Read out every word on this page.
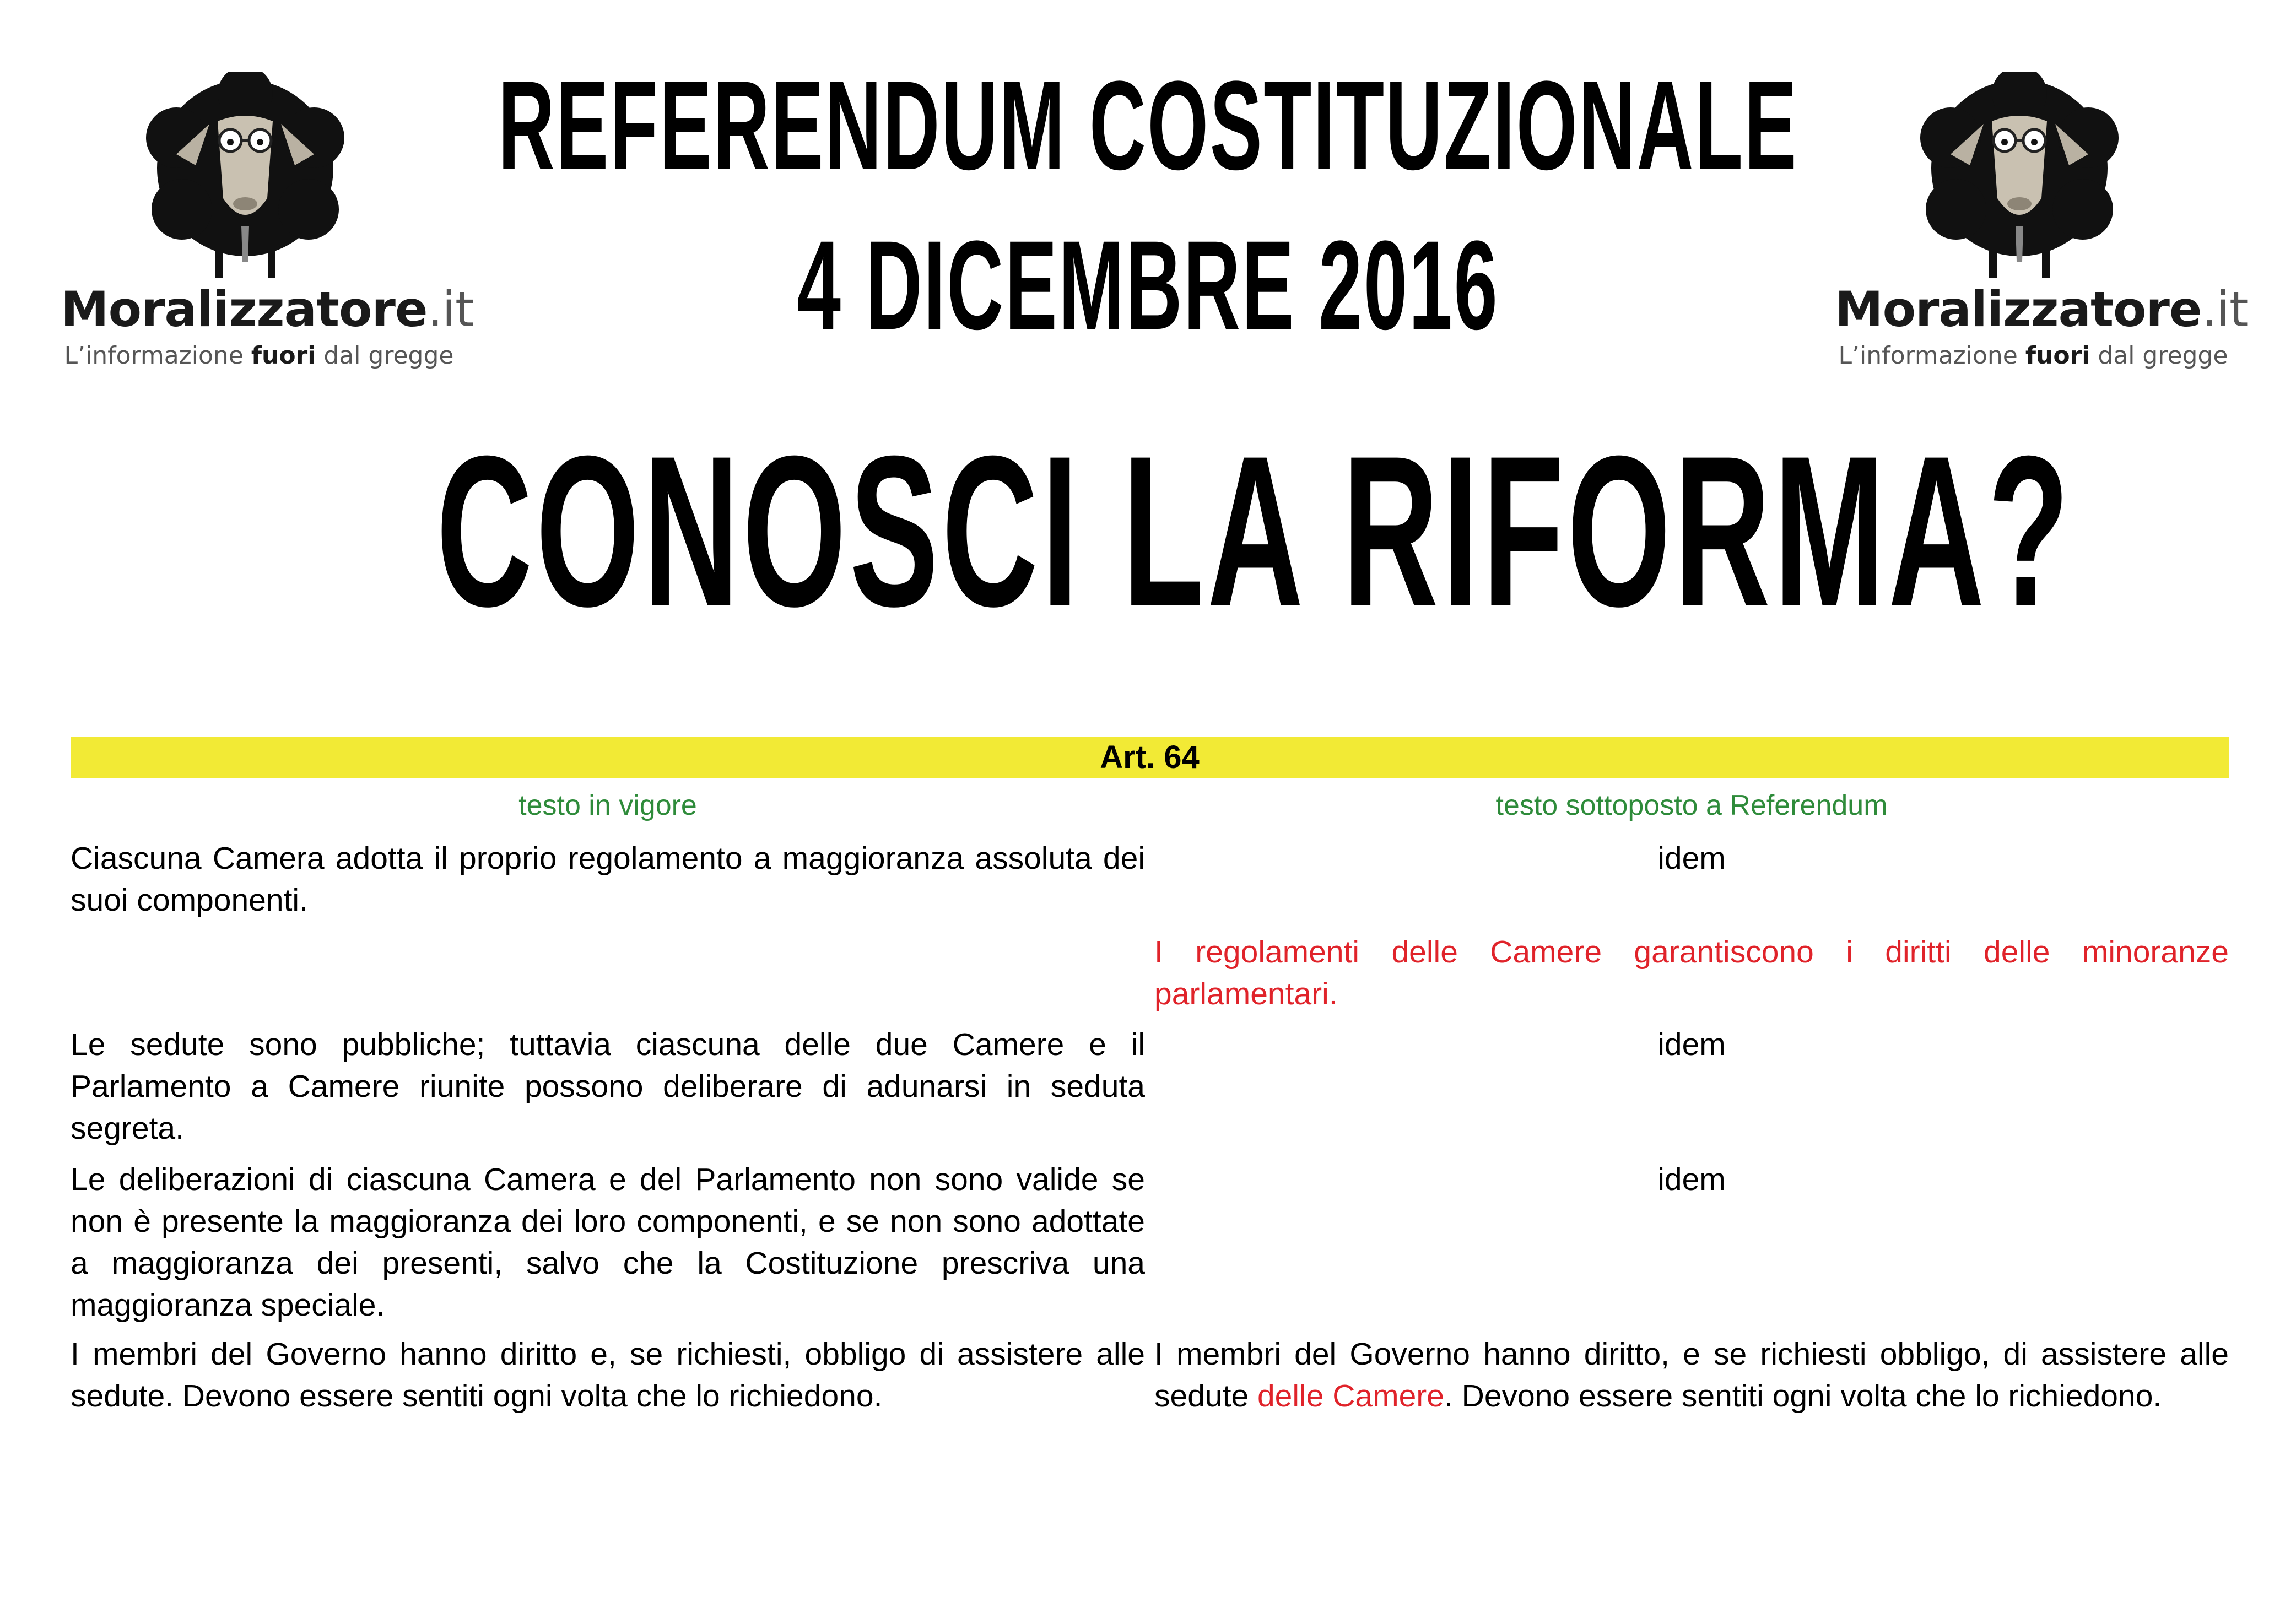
Moralizzatore.it
L’informazione fuori dal gregge
Moralizzatore.it
L’informazione fuori dal gregge
REFERENDUM COSTITUZIONALE
4 DICEMBRE 2016
CONOSCI LA RIFORMA?
Art. 64
testo in vigore	testo sottoposto a Referendum
Ciascuna Camera adotta il proprio regolamento a maggioranza assoluta dei suoi componenti.
idem
I regolamenti delle Camere garantiscono i diritti delle minoranze parlamentari.
Le sedute sono pubbliche; tuttavia ciascuna delle due Camere e il Parlamento a Camere riunite possono deliberare di adunarsi in seduta segreta.
idem
Le deliberazioni di ciascuna Camera e del Parlamento non sono valide se non è presente la maggioranza dei loro componenti, e se non sono adottate a maggioranza dei presenti, salvo che la Costituzione prescriva una maggioranza speciale.
idem
I membri del Governo hanno diritto e, se richiesti, obbligo di assistere alle sedute. Devono essere sentiti ogni volta che lo richiedono.
I membri del Governo hanno diritto, e se richiesti obbligo, di assistere alle sedute delle Camere. Devono essere sentiti ogni volta che lo richiedono.
